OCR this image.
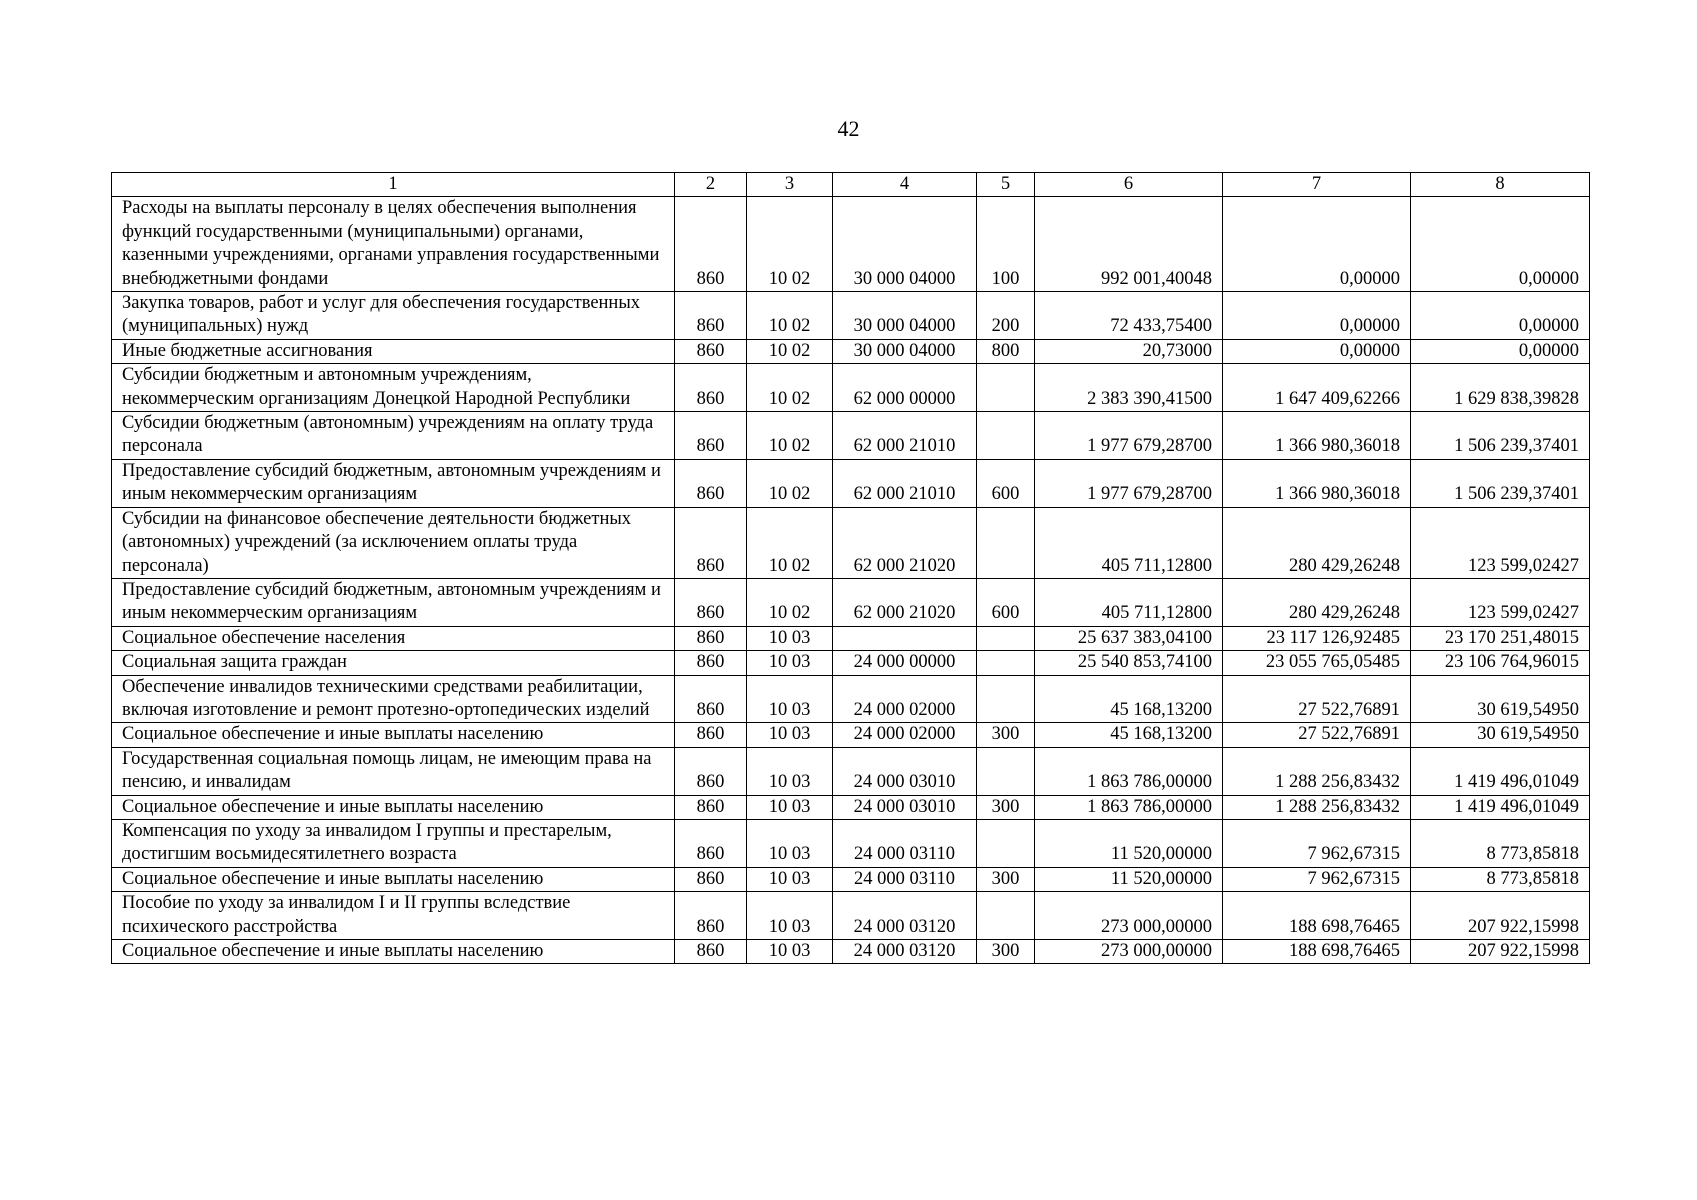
42
1	2	3	4	5	6	7	8
Расходы на выплаты персоналу в целях обеспечения выполнения функций государственными (муниципальными) органами, казенными учреждениями, органами управления государственными внебюджетными фондами	860	10 02	30 000 04000	100	992 001,40048	0,00000	0,00000
Закупка товаров, работ и услуг для обеспечения государственных (муниципальных) нужд	860	10 02	30 000 04000	200	72 433,75400	0,00000	0,00000
Иные бюджетные ассигнования	860	10 02	30 000 04000	800	20,73000	0,00000	0,00000
Субсидии бюджетным и автономным учреждениям, некоммерческим организациям Донецкой Народной Республики	860	10 02	62 000 00000		2 383 390,41500	1 647 409,62266	1 629 838,39828
Субсидии бюджетным (автономным) учреждениям на оплату труда персонала	860	10 02	62 000 21010		1 977 679,28700	1 366 980,36018	1 506 239,37401
Предоставление субсидий бюджетным, автономным учреждениям и иным некоммерческим организациям	860	10 02	62 000 21010	600	1 977 679,28700	1 366 980,36018	1 506 239,37401
Субсидии на финансовое обеспечение деятельности бюджетных (автономных) учреждений (за исключением оплаты труда персонала)	860	10 02	62 000 21020		405 711,12800	280 429,26248	123 599,02427
Предоставление субсидий бюджетным, автономным учреждениям и иным некоммерческим организациям	860	10 02	62 000 21020	600	405 711,12800	280 429,26248	123 599,02427
Социальное обеспечение населения	860	10 03			25 637 383,04100	23 117 126,92485	23 170 251,48015
Социальная защита граждан	860	10 03	24 000 00000		25 540 853,74100	23 055 765,05485	23 106 764,96015
Обеспечение инвалидов техническими средствами реабилитации, включая изготовление и ремонт протезно-ортопедических изделий	860	10 03	24 000 02000		45 168,13200	27 522,76891	30 619,54950
Социальное обеспечение и иные выплаты населению	860	10 03	24 000 02000	300	45 168,13200	27 522,76891	30 619,54950
Государственная социальная помощь лицам, не имеющим права на пенсию, и инвалидам	860	10 03	24 000 03010		1 863 786,00000	1 288 256,83432	1 419 496,01049
Социальное обеспечение и иные выплаты населению	860	10 03	24 000 03010	300	1 863 786,00000	1 288 256,83432	1 419 496,01049
Компенсация по уходу за инвалидом I группы и престарелым, достигшим восьмидесятилетнего возраста	860	10 03	24 000 03110		11 520,00000	7 962,67315	8 773,85818
Социальное обеспечение и иные выплаты населению	860	10 03	24 000 03110	300	11 520,00000	7 962,67315	8 773,85818
Пособие по уходу за инвалидом I и II группы вследствие психического расстройства	860	10 03	24 000 03120		273 000,00000	188 698,76465	207 922,15998
Социальное обеспечение и иные выплаты населению	860	10 03	24 000 03120	300	273 000,00000	188 698,76465	207 922,15998
